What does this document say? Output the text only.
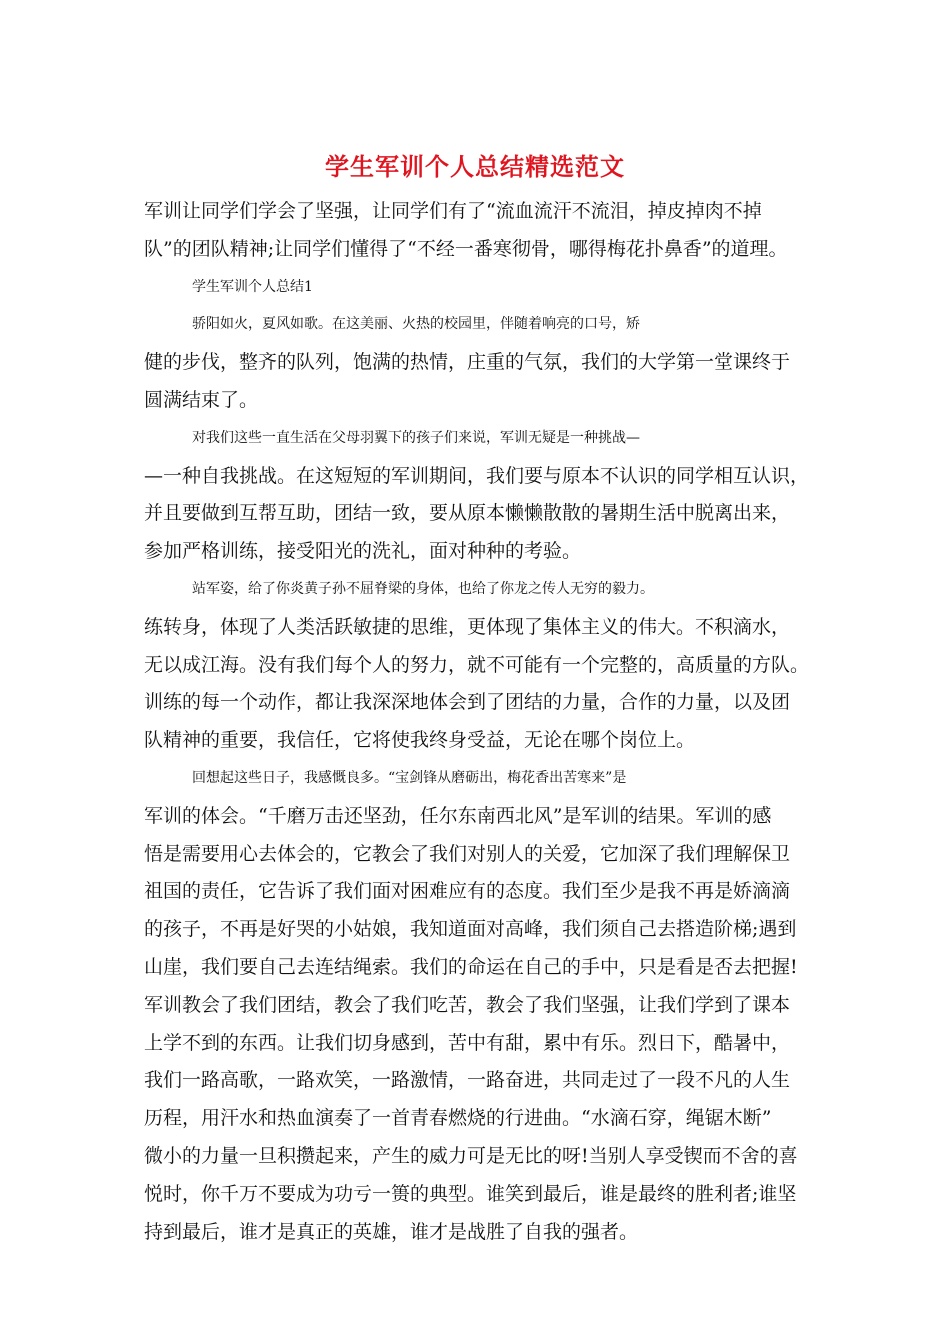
学生军训个人总结精选范文
军训让同学们学会了坚强，让同学们有了“流血流汗不流泪，掉皮掉肉不掉
队”的团队精神;让同学们懂得了“不经一番寒彻骨，哪得梅花扑鼻香”的道理。
学生军训个人总结1
骄阳如火，夏风如歌。在这美丽、火热的校园里，伴随着响亮的口号，矫
健的步伐，整齐的队列，饱满的热情，庄重的气氛，我们的大学第一堂课终于
圆满结束了。
对我们这些一直生活在父母羽翼下的孩子们来说，军训无疑是一种挑战—
—一种自我挑战。在这短短的军训期间，我们要与原本不认识的同学相互认识，
并且要做到互帮互助，团结一致，要从原本懒懒散散的暑期生活中脱离出来，
参加严格训练，接受阳光的洗礼，面对种种的考验。
站军姿，给了你炎黄子孙不屈脊梁的身体，也给了你龙之传人无穷的毅力。
练转身，体现了人类活跃敏捷的思维，更体现了集体主义的伟大。不积滴水，
无以成江海。没有我们每个人的努力，就不可能有一个完整的，高质量的方队。
训练的每一个动作，都让我深深地体会到了团结的力量，合作的力量，以及团
队精神的重要，我信任，它将使我终身受益，无论在哪个岗位上。
回想起这些日子，我感慨良多。“宝剑锋从磨砺出，梅花香出苦寒来”是
军训的体会。“千磨万击还坚劲，任尔东南西北风”是军训的结果。军训的感
悟是需要用心去体会的，它教会了我们对别人的关爱，它加深了我们理解保卫
祖国的责任，它告诉了我们面对困难应有的态度。我们至少是我不再是娇滴滴
的孩子，不再是好哭的小姑娘，我知道面对高峰，我们须自己去搭造阶梯;遇到
山崖，我们要自己去连结绳索。我们的命运在自己的手中，只是看是否去把握!
军训教会了我们团结，教会了我们吃苦，教会了我们坚强，让我们学到了课本
上学不到的东西。让我们切身感到，苦中有甜，累中有乐。烈日下，酷暑中，
我们一路高歌，一路欢笑，一路激情，一路奋进，共同走过了一段不凡的人生
历程，用汗水和热血演奏了一首青春燃烧的行进曲。“水滴石穿，绳锯木断”
微小的力量一旦积攒起来，产生的威力可是无比的呀!当别人享受锲而不舍的喜
悦时，你千万不要成为功亏一篑的典型。谁笑到最后，谁是最终的胜利者;谁坚
持到最后，谁才是真正的英雄，谁才是战胜了自我的强者。
